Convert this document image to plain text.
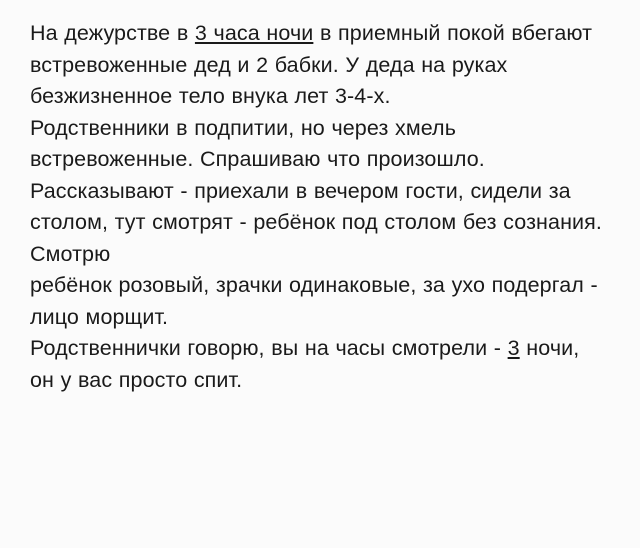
На дежурстве в 3 часа ночи в приемный покой вбегают встревоженные дед и 2 бабки. У деда на руках безжизненное тело внука лет 3-4-х.

Родственники в подпитии, но через хмель встревоженные. Спрашиваю что произошло.

Рассказывают - приехали в вечером гости, сидели за столом, тут смотрят - ребёнок под столом без сознания. Смотрю

ребёнок розовый, зрачки одинаковые, за ухо подергал - лицо морщит.

Родственнички говорю, вы на часы смотрели - 3 ночи, он у вас просто спит.
